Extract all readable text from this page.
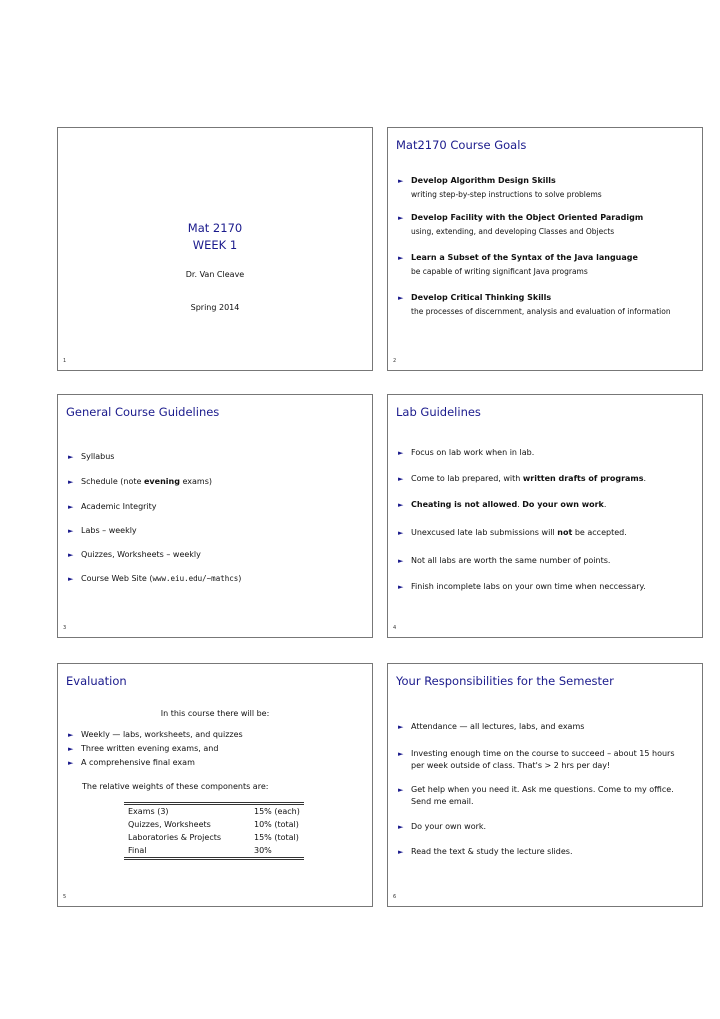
Mat 2170
WEEK 1
Dr. Van Cleave
Spring 2014
1
Mat2170 Course Goals
► Develop Algorithm Design Skills
writing step-by-step instructions to solve problems
► Develop Facility with the Object Oriented Paradigm
using, extending, and developing Classes and Objects
► Learn a Subset of the Syntax of the Java language
be capable of writing significant Java programs
► Develop Critical Thinking Skills
the processes of discernment, analysis and evaluation of information
2
General Course Guidelines
► Syllabus
► Schedule (note evening exams)
► Academic Integrity
► Labs – weekly
► Quizzes, Worksheets – weekly
► Course Web Site (www.eiu.edu/~mathcs)
3
Lab Guidelines
► Focus on lab work when in lab.
► Come to lab prepared, with written drafts of programs.
► Cheating is not allowed. Do your own work.
► Unexcused late lab submissions will not be accepted.
► Not all labs are worth the same number of points.
► Finish incomplete labs on your own time when neccessary.
4
Evaluation
In this course there will be:
► Weekly — labs, worksheets, and quizzes
► Three written evening exams, and
► A comprehensive final exam
The relative weights of these components are:
Exams (3)	15% (each)
Quizzes, Worksheets	10% (total)
Laboratories & Projects	15% (total)
Final	30%
5
Your Responsibilities for the Semester
► Attendance — all lectures, labs, and exams
► Investing enough time on the course to succeed – about 15 hours per week outside of class. That's > 2 hrs per day!
► Get help when you need it. Ask me questions. Come to my office. Send me email.
► Do your own work.
► Read the text & study the lecture slides.
6
